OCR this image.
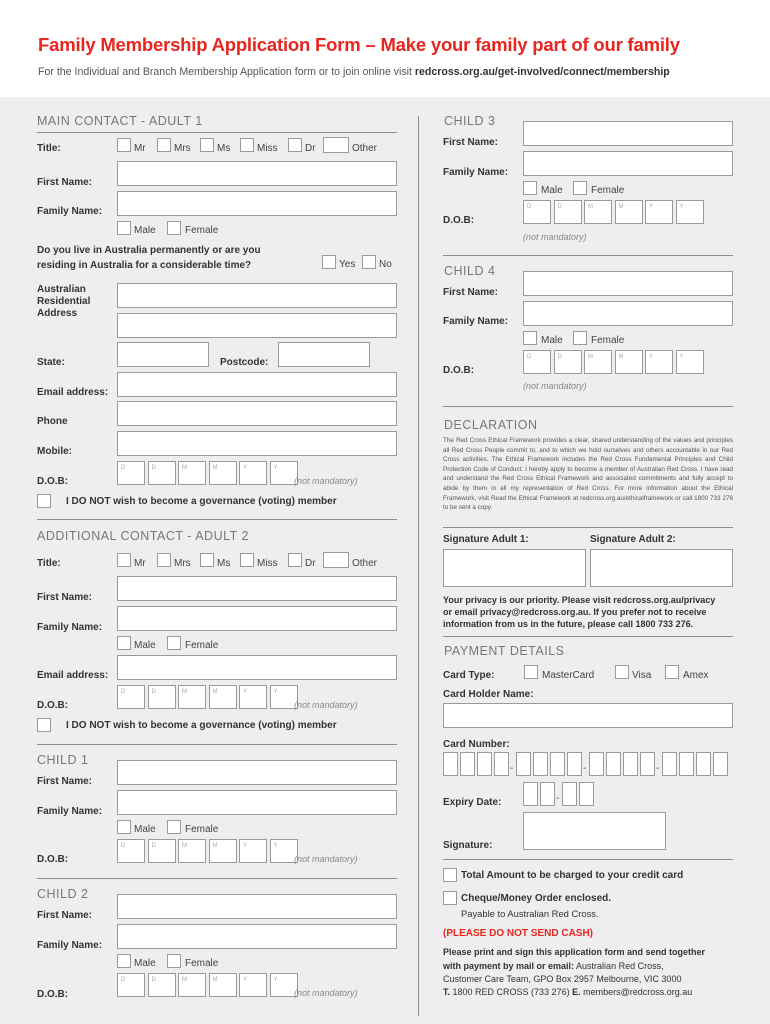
Family Membership Application Form – Make your family part of our family
For the Individual and Branch Membership Application form or to join online visit redcross.org.au/get-involved/connect/membership
MAIN CONTACT - ADULT 1
Title:	Mr	Mrs	Ms	Miss	Dr	Other
First Name:
Family Name:
Male	Female
Do you live in Australia permanently or are you
residing in Australia for a considerable time?	Yes No
Australian
Residential
Address
State:	Postcode:
Email address:
Phone
Mobile:
D.O.B:
D	D	M	M	Y	Y
(not mandatory)
I DO NOT wish to become a governance (voting) member
ADDITIONAL CONTACT - ADULT 2
Title:	Mr	Mrs	Ms	Miss	Dr	Other
First Name:
Family Name:
Male	Female
Email address:
D.O.B:
D	D	M	M	Y	Y
(not mandatory)
I DO NOT wish to become a governance (voting) member
CHILD 1
First Name:
Family Name:
Male	Female
D.O.B:
D	D	M	M	Y	Y
(not mandatory)
CHILD 2
First Name:
Family Name:
Male	Female
D.O.B:
D	D	M	M	Y	Y
(not mandatory)
CHILD 3
First Name:
Family Name:
Male	Female
D.O.B:
D	D	M	M	Y	Y
(not mandatory)
CHILD 4
First Name:
Family Name:
Male	Female
D.O.B:
D	D	M	M	Y	Y
(not mandatory)
DECLARATION
The Red Cross Ethical Framework provides a clear, shared understanding of the values and principles all Red Cross People commit to, and to which we hold ourselves and others accountable in our Red Cross activities. The Ethical Framework includes the Red Cross Fundamental Principles and Child Protection Code of Conduct. I hereby apply to become a member of Australian Red Cross. I have read and understand the Red Cross Ethical Framework and associated commitments and fully accept to abide by them in all my representation of Red Cross. For more information about the Ethical Framework, visit Read the Ethical Framework at redcross.org.au/ethicalframework or call 1800 733 276 to be sent a copy.
Signature Adult 1:	Signature Adult 2:
Your privacy is our priority. Please visit redcross.org.au/privacy
or email privacy@redcross.org.au. If you prefer not to receive
information from us in the future, please call 1800 733 276.
PAYMENT DETAILS
Card Type:	MasterCard	Visa	Amex
Card Holder Name:
Card Number:
-	-	-
Expiry Date:	-
Signature:
Total Amount to be charged to your credit card
Cheque/Money Order enclosed.
Payable to Australian Red Cross.
(PLEASE DO NOT SEND CASH)
Please print and sign this application form and send together
with payment by mail or email: Australian Red Cross,
Customer Care Team, GPO Box 2957 Melbourne, VIC 3000
T. 1800 RED CROSS (733 276) E. members@redcross.org.au
